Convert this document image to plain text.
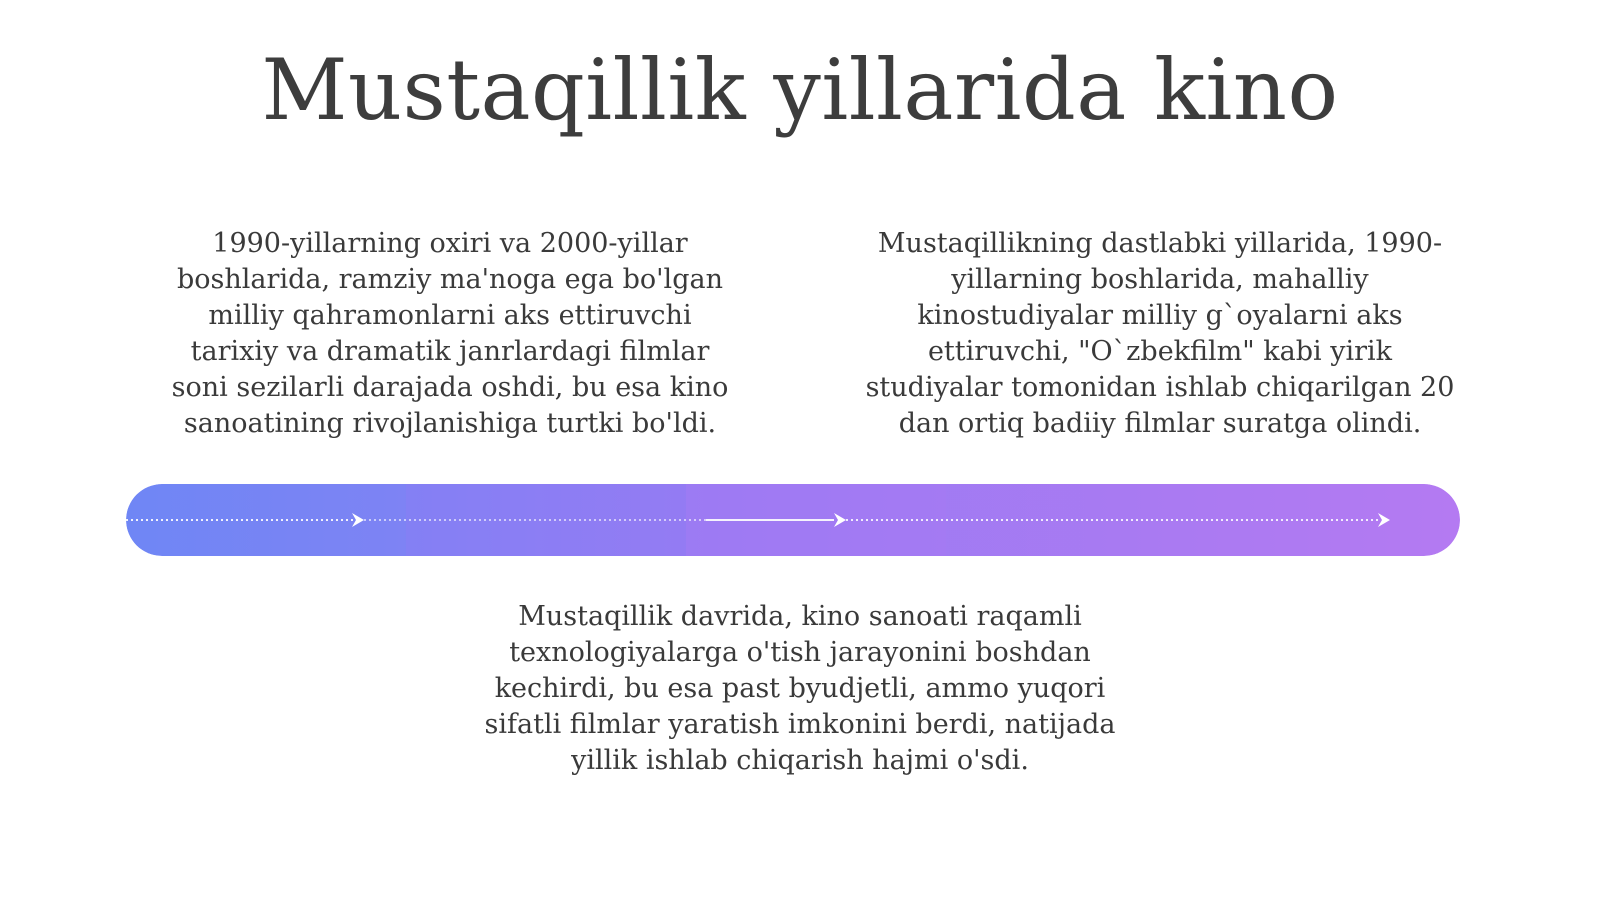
Mustaqillik yillarida kino

1990-yillarning oxiri va 2000-yillar
boshlarida, ramziy ma'noga ega bo'lgan
milliy qahramonlarni aks ettiruvchi
tarixiy va dramatik janrlardagi filmlar
soni sezilarli darajada oshdi, bu esa kino
sanoatining rivojlanishiga turtki bo'ldi.

Mustaqillikning dastlabki yillarida, 1990-
yillarning boshlarida, mahalliy
kinostudiyalar milliy g`oyalarni aks
ettiruvchi, "O`zbekfilm" kabi yirik
studiyalar tomonidan ishlab chiqarilgan 20
dan ortiq badiiy filmlar suratga olindi.

Mustaqillik davrida, kino sanoati raqamli
texnologiyalarga o'tish jarayonini boshdan
kechirdi, bu esa past byudjetli, ammo yuqori
sifatli filmlar yaratish imkonini berdi, natijada
yillik ishlab chiqarish hajmi o'sdi.
